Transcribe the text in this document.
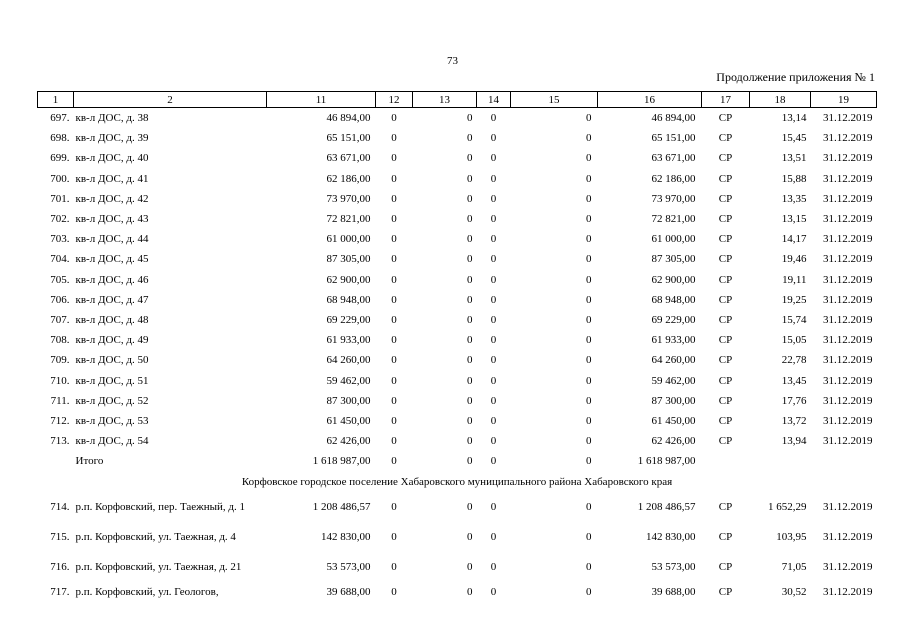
73
Продолжение приложения № 1
1	2	11	12	13	14	15	16	17	18	19
697.	кв-л ДОС, д. 38	46 894,00	0	0	0	0	46 894,00	СР	13,14	31.12.2019
698.	кв-л ДОС, д. 39	65 151,00	0	0	0	0	65 151,00	СР	15,45	31.12.2019
699.	кв-л ДОС, д. 40	63 671,00	0	0	0	0	63 671,00	СР	13,51	31.12.2019
700.	кв-л ДОС, д. 41	62 186,00	0	0	0	0	62 186,00	СР	15,88	31.12.2019
701.	кв-л ДОС, д. 42	73 970,00	0	0	0	0	73 970,00	СР	13,35	31.12.2019
702.	кв-л ДОС, д. 43	72 821,00	0	0	0	0	72 821,00	СР	13,15	31.12.2019
703.	кв-л ДОС, д. 44	61 000,00	0	0	0	0	61 000,00	СР	14,17	31.12.2019
704.	кв-л ДОС, д. 45	87 305,00	0	0	0	0	87 305,00	СР	19,46	31.12.2019
705.	кв-л ДОС, д. 46	62 900,00	0	0	0	0	62 900,00	СР	19,11	31.12.2019
706.	кв-л ДОС, д. 47	68 948,00	0	0	0	0	68 948,00	СР	19,25	31.12.2019
707.	кв-л ДОС, д. 48	69 229,00	0	0	0	0	69 229,00	СР	15,74	31.12.2019
708.	кв-л ДОС, д. 49	61 933,00	0	0	0	0	61 933,00	СР	15,05	31.12.2019
709.	кв-л ДОС, д. 50	64 260,00	0	0	0	0	64 260,00	СР	22,78	31.12.2019
710.	кв-л ДОС, д. 51	59 462,00	0	0	0	0	59 462,00	СР	13,45	31.12.2019
711.	кв-л ДОС, д. 52	87 300,00	0	0	0	0	87 300,00	СР	17,76	31.12.2019
712.	кв-л ДОС, д. 53	61 450,00	0	0	0	0	61 450,00	СР	13,72	31.12.2019
713.	кв-л ДОС, д. 54	62 426,00	0	0	0	0	62 426,00	СР	13,94	31.12.2019
	Итого	1 618 987,00	0	0	0	0	1 618 987,00			
Корфовское городское поселение Хабаровского муниципального района Хабаровского края										
714.	р.п. Корфовский, пер. Таежный, д. 1	1 208 486,57	0	0	0	0	1 208 486,57	СР	1 652,29	31.12.2019
715.	р.п. Корфовский, ул. Таежная, д. 4	142 830,00	0	0	0	0	142 830,00	СР	103,95	31.12.2019
716.	р.п. Корфовский, ул. Таежная, д. 21	53 573,00	0	0	0	0	53 573,00	СР	71,05	31.12.2019
717.	р.п. Корфовский, ул. Геологов,	39 688,00	0	0	0	0	39 688,00	СР	30,52	31.12.2019
